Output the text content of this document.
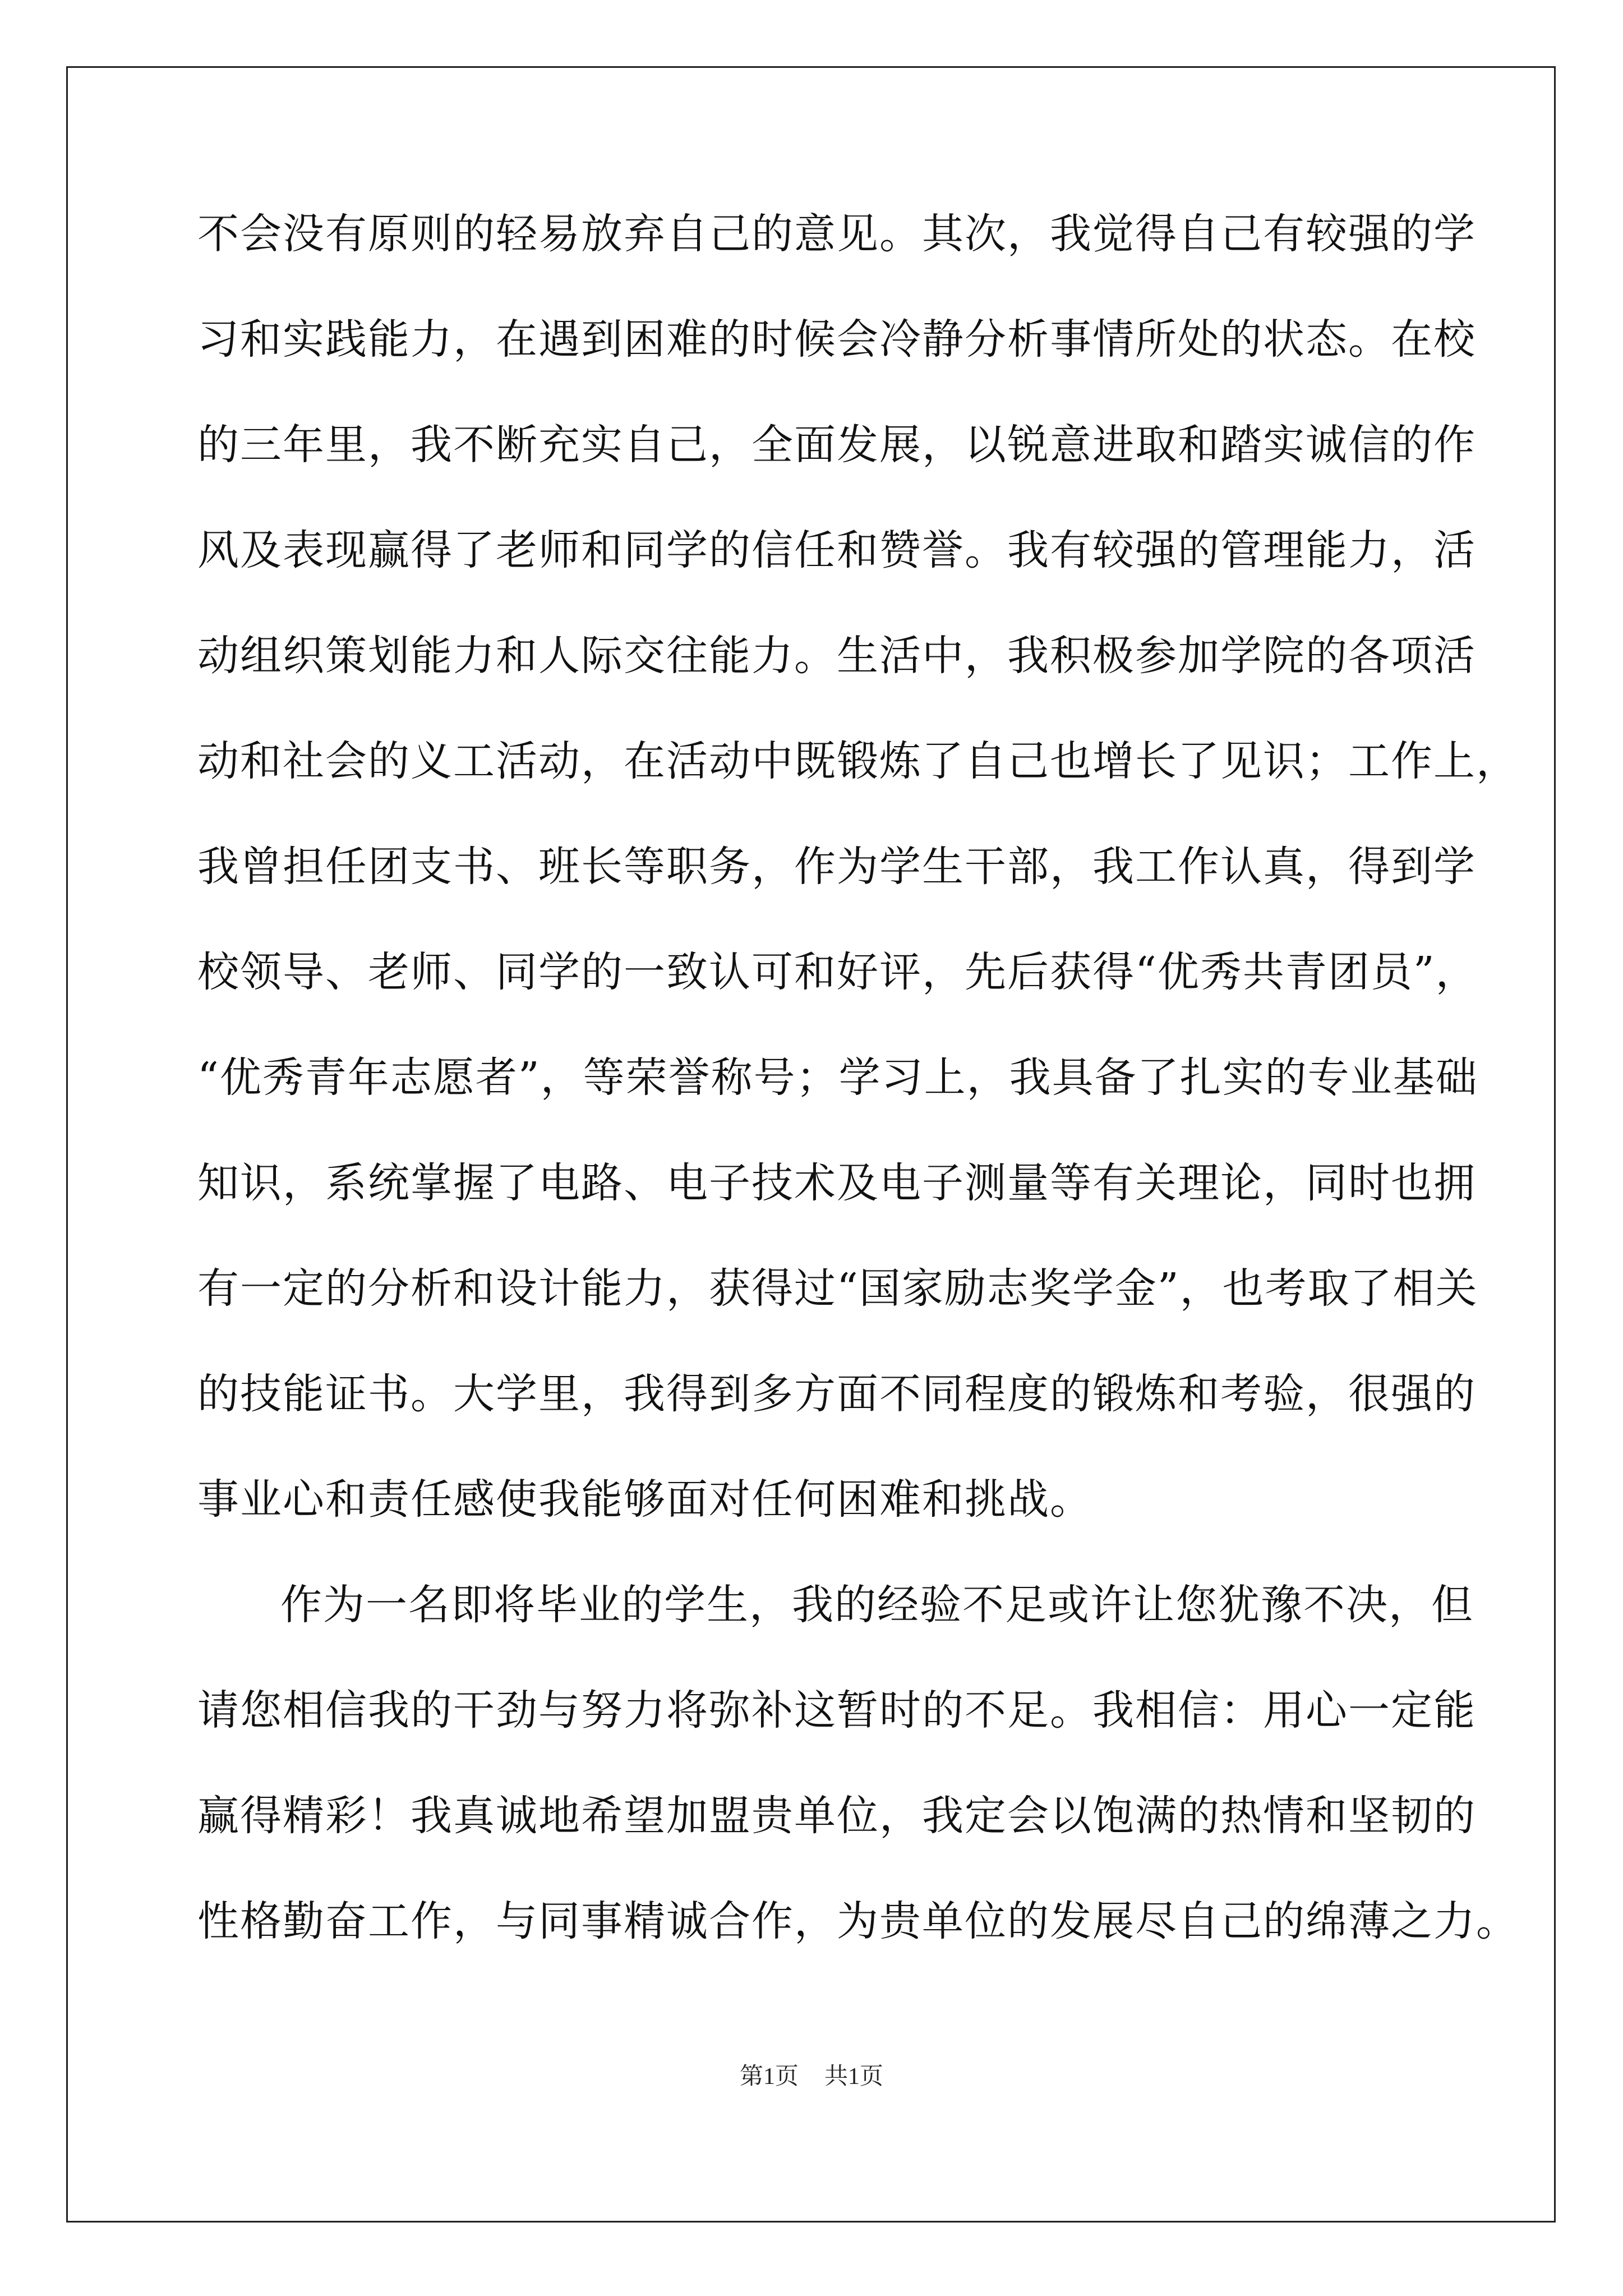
不会没有原则的轻易放弃自己的意见。其次，我觉得自己有较强的学
习和实践能力，在遇到困难的时候会冷静分析事情所处的状态。在校
的三年里，我不断充实自己，全面发展，以锐意进取和踏实诚信的作
风及表现赢得了老师和同学的信任和赞誉。我有较强的管理能力，活
动组织策划能力和人际交往能力。生活中，我积极参加学院的各项活
动和社会的义工活动，在活动中既锻炼了自己也增长了见识；工作上，
我曾担任团支书、班长等职务，作为学生干部，我工作认真，得到学
校领导、老师、同学的一致认可和好评，先后获得“优秀共青团员”，
“优秀青年志愿者”，等荣誉称号；学习上，我具备了扎实的专业基础
知识，系统掌握了电路、电子技术及电子测量等有关理论，同时也拥
有一定的分析和设计能力，获得过“国家励志奖学金”，也考取了相关
的技能证书。大学里，我得到多方面不同程度的锻炼和考验，很强的
事业心和责任感使我能够面对任何困难和挑战。
作为一名即将毕业的学生，我的经验不足或许让您犹豫不决，但
请您相信我的干劲与努力将弥补这暂时的不足。我相信：用心一定能
赢得精彩！我真诚地希望加盟贵单位，我定会以饱满的热情和坚韧的
性格勤奋工作，与同事精诚合作，为贵单位的发展尽自己的绵薄之力。
第1页 共1页
